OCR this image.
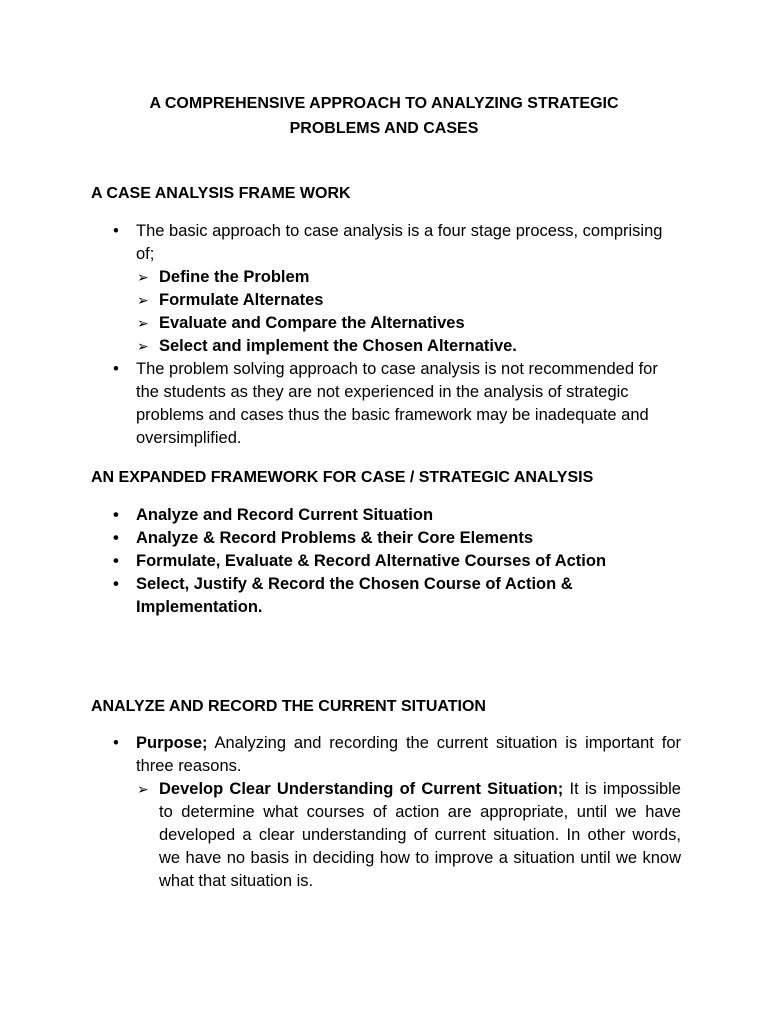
A COMPREHENSIVE APPROACH TO ANALYZING STRATEGIC
PROBLEMS AND CASES
A CASE ANALYSIS FRAME WORK
•	The basic approach to case analysis is a four stage process, comprising of;
➢ Define the Problem
➢ Formulate Alternates
➢ Evaluate and Compare the Alternatives
➢ Select and implement the Chosen Alternative.
•	The problem solving approach to case analysis is not recommended for the students as they are not experienced in the analysis of strategic problems and cases thus the basic framework may be inadequate and oversimplified.
AN EXPANDED FRAMEWORK FOR CASE / STRATEGIC ANALYSIS
•	Analyze and Record Current Situation
•	Analyze & Record Problems & their Core Elements
•	Formulate, Evaluate & Record Alternative Courses of Action
•	Select, Justify & Record the Chosen Course of Action & Implementation.
ANALYZE AND RECORD THE CURRENT SITUATION
•	Purpose; Analyzing and recording the current situation is important for three reasons.
➢ Develop Clear Understanding of Current Situation; It is impossible to determine what courses of action are appropriate, until we have developed a clear understanding of current situation. In other words, we have no basis in deciding how to improve a situation until we know what that situation is.
